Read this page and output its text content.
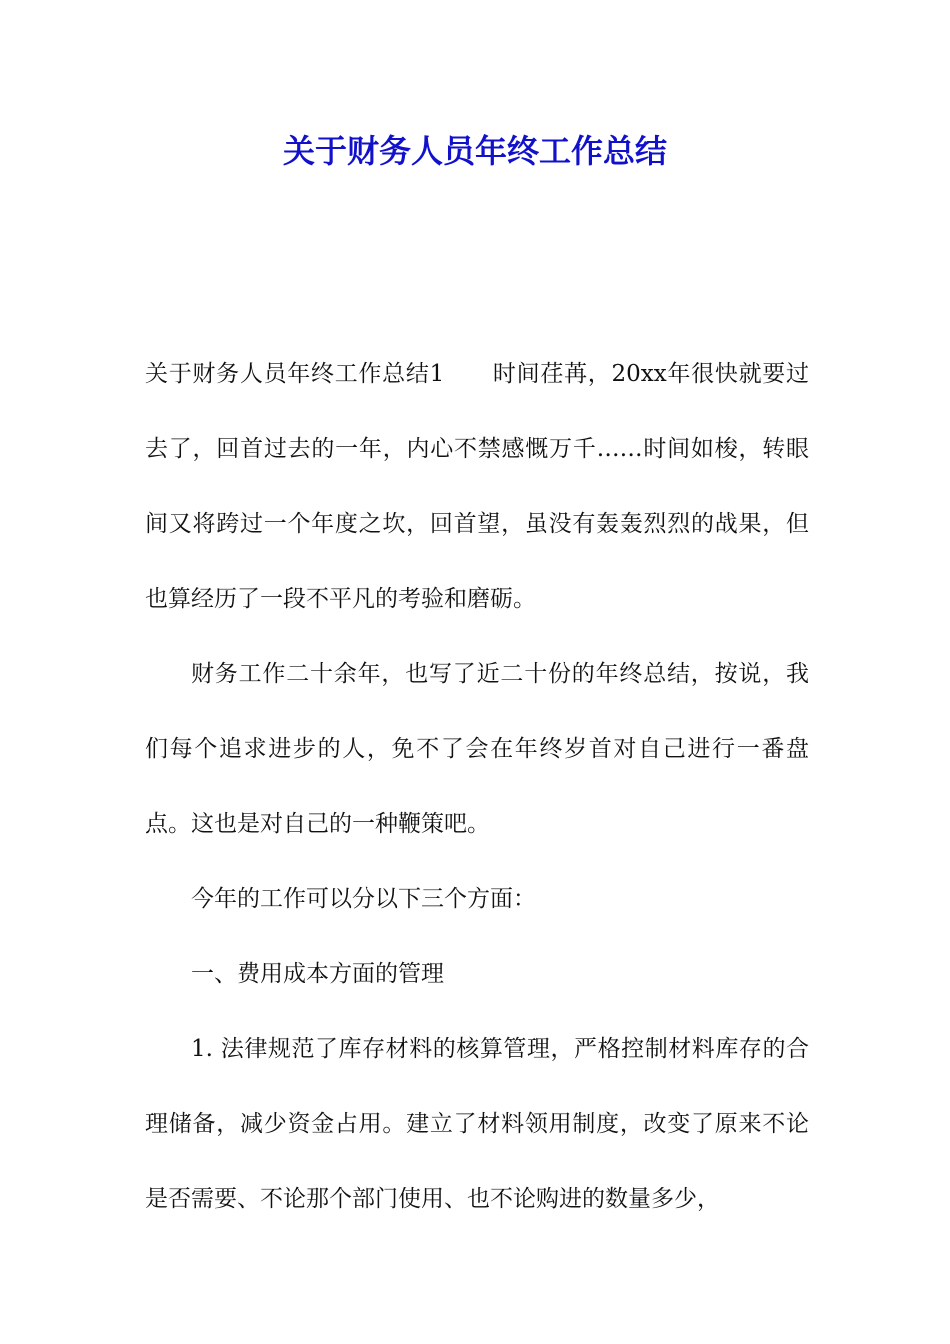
关于财务人员年终工作总结

关于财务人员年终工作总结1 时间荏苒，20xx年很快就要过去了，回首过去的一年，内心不禁感慨万千……时间如梭，转眼间又将跨过一个年度之坎，回首望，虽没有轰轰烈烈的战果，但也算经历了一段不平凡的考验和磨砺。

财务工作二十余年，也写了近二十份的年终总结，按说，我们每个追求进步的人，免不了会在年终岁首对自己进行一番盘点。这也是对自己的一种鞭策吧。

今年的工作可以分以下三个方面：

一、费用成本方面的管理

1. 法律规范了库存材料的核算管理，严格控制材料库存的合理储备，减少资金占用。建立了材料领用制度，改变了原来不论是否需要、不论那个部门使用、也不论购进的数量多少，
